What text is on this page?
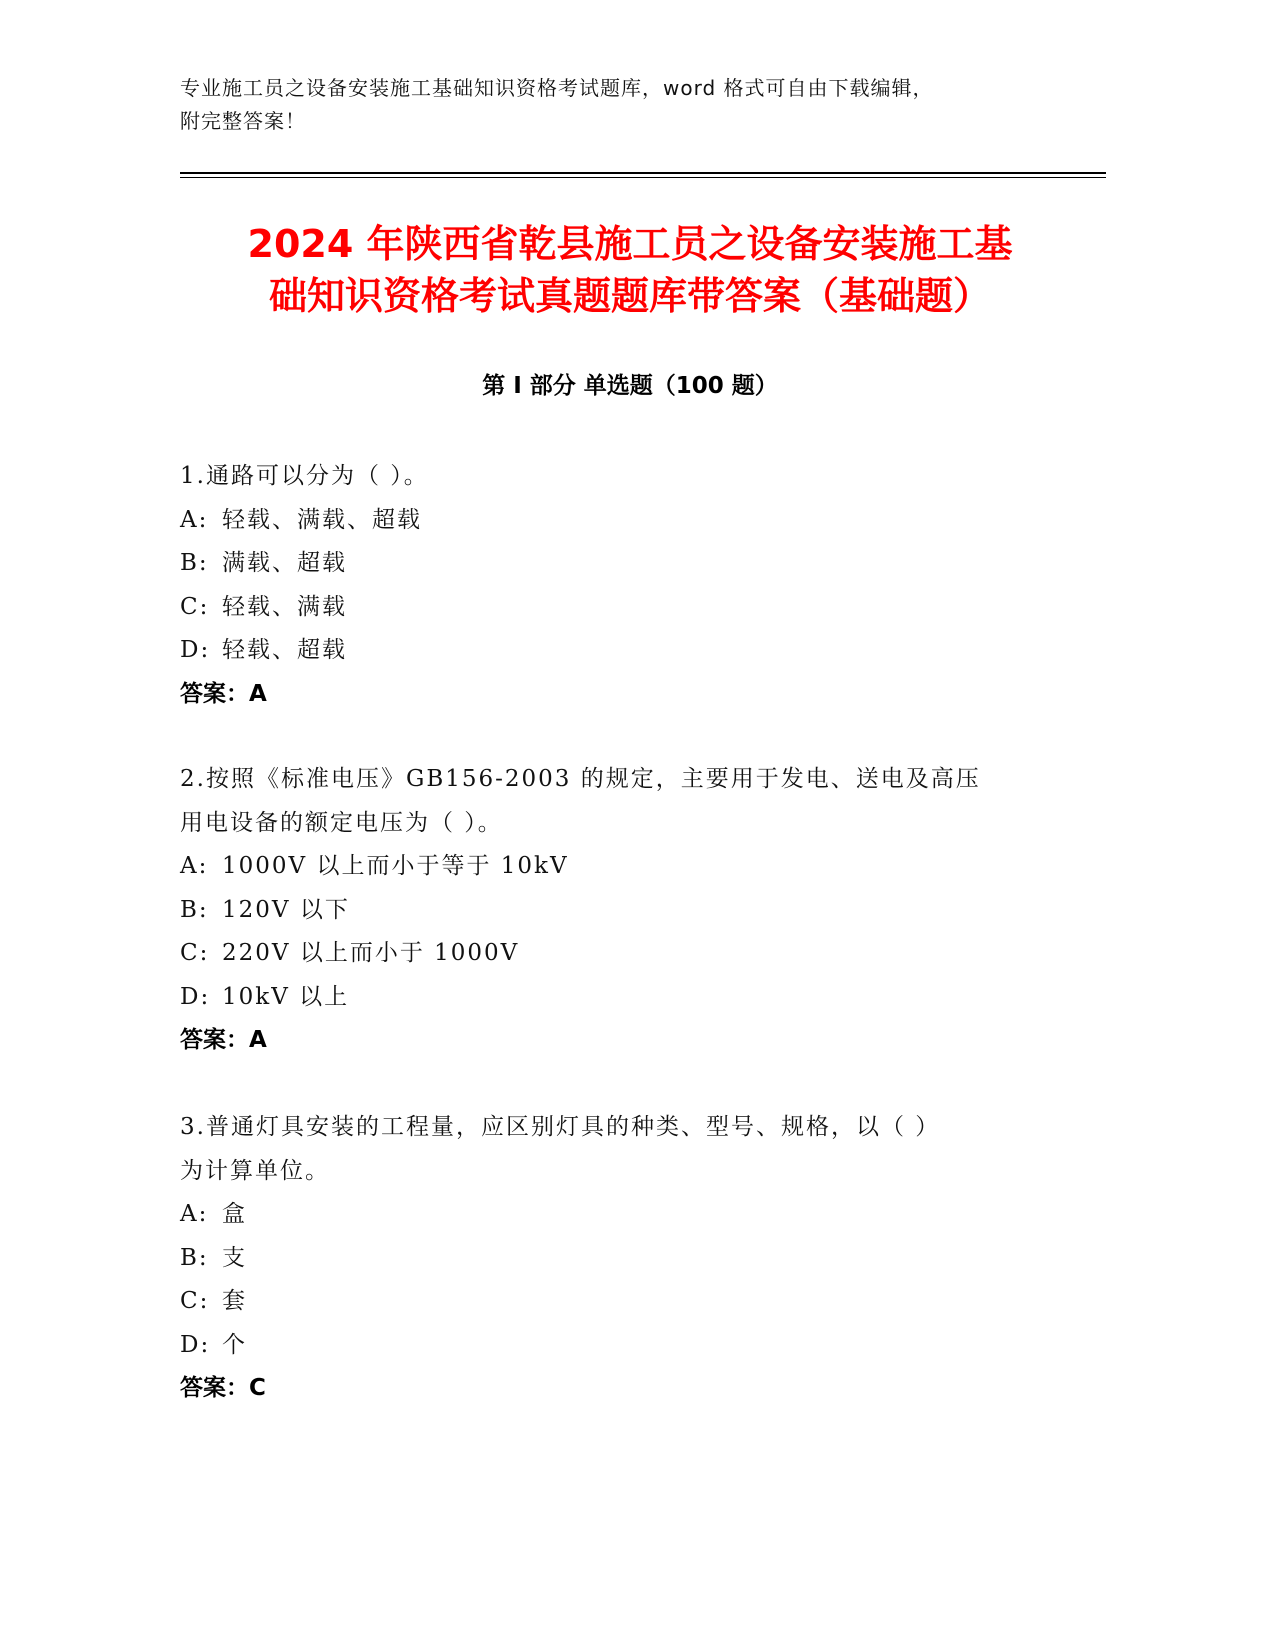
专业施工员之设备安装施工基础知识资格考试题库，word 格式可自由下载编辑，
附完整答案！
2024 年陕西省乾县施工员之设备安装施工基
础知识资格考试真题题库带答案（基础题）
第 I 部分 单选题（100 题）
1.通路可以分为（ ）。
A: 轻载、满载、超载
B: 满载、超载
C: 轻载、满载
D: 轻载、超载
答案：A
2.按照《标准电压》GB156-2003 的规定，主要用于发电、送电及高压
用电设备的额定电压为（ ）。
A: 1000V 以上而小于等于 10kV
B: 120V 以下
C: 220V 以上而小于 1000V
D: 10kV 以上
答案：A
3.普通灯具安装的工程量，应区别灯具的种类、型号、规格，以（ ）
为计算单位。
A: 盒
B: 支
C: 套
D: 个
答案：C
